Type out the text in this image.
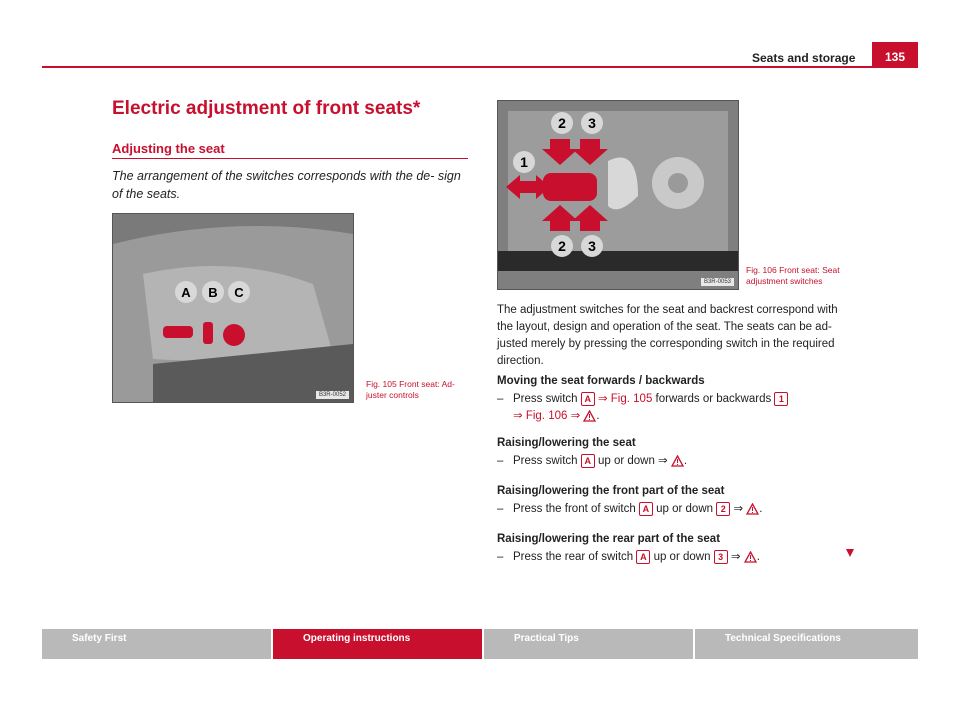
Seats and storage	135
Electric adjustment of front seats*
Adjusting the seat

The arrangement of the switches corresponds with the de- sign of the seats.

A B C
B3R-0052
Fig. 105 Front seat: Ad- juster controls
1
2 3
2 3
B3R-0053
Fig. 106 Front seat: Seat adjustment switches

The adjustment switches for the seat and backrest correspond with the layout, design and operation of the seat. The seats can be ad- justed merely by pressing the corresponding switch in the required direction.

Moving the seat forwards / backwards

– Press switch A ⇒ Fig. 105 forwards or backwards 1
⇒ Fig. 106 ⇒ .

Raising/lowering the seat

– Press switch A up or down ⇒ .

Raising/lowering the front part of the seat

– Press the front of switch A up or down 2 ⇒ .

Raising/lowering the rear part of the seat

– Press the rear of switch A up or down 3 ⇒ .

Safety First	Operating instructions	Practical Tips	Technical Specifications
